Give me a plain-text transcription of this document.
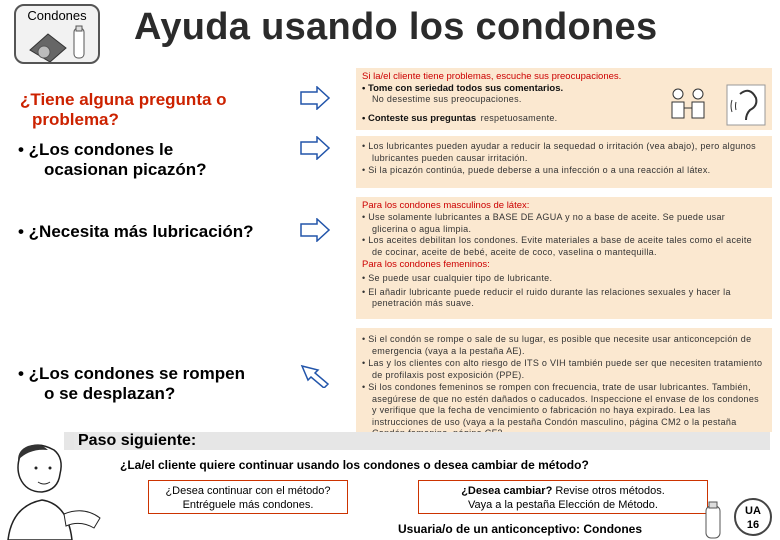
Condones Ayuda usando los condones
¿Tiene alguna pregunta o
problema?
• ¿Los condones le
ocasionan picazón?
• ¿Necesita más lubricación?
• ¿Los condones se rompen
o se desplazan?

Si la/el cliente tiene problemas, escuche sus preocupaciones.

• Tome con seriedad todos sus comentarios.

No desestime sus preocupaciones.

• Conteste sus preguntas respetuosamente.

• Los lubricantes pueden ayudar a reducir la sequedad o irritación (vea abajo), pero algunos lubricantes pueden causar irritación.

• Si la picazón continúa, puede deberse a una infección o a una reacción al látex.

Para los condones masculinos de látex:

• Use solamente lubricantes a BASE DE AGUA y no a base de aceite. Se puede usar glicerina o agua limpia.

• Los aceites debilitan los condones. Evite materiales a base de aceite tales como el aceite de cocinar, aceite de bebé, aceite de coco, vaselina o mantequilla.

Para los condones femeninos:

• Se puede usar cualquier tipo de lubricante.

• El añadir lubricante puede reducir el ruido durante las relaciones sexuales y hacer la penetración más suave.

• Si el condón se rompe o sale de su lugar, es posible que necesite usar anticoncepción de emergencia (vaya a la pestaña AE).

• Las y los clientes con alto riesgo de ITS o VIH también puede ser que necesiten tratamiento de profilaxis post exposición (PPE).

• Si los condones femeninos se rompen con frecuencia, trate de usar lubricantes. También, asegúrese de que no estén dañados o caducados. Inspeccione el envase de los condones y verifique que la fecha de vencimiento o fabricación no haya expirado. Lea las instrucciones de uso (vaya a la pestaña Condón masculino, página CM2 o la pestaña

Paso siguiente:
¿La/el cliente quiere continuar usando los condones o desea cambiar de método?
¿Desea continuar con el método?
Entréguele más condones.
¿Desea cambiar? Revise otros métodos.
Vaya a la pestaña Elección de Método.
Usuaria/o de un anticonceptivo: Condones
UA
16
